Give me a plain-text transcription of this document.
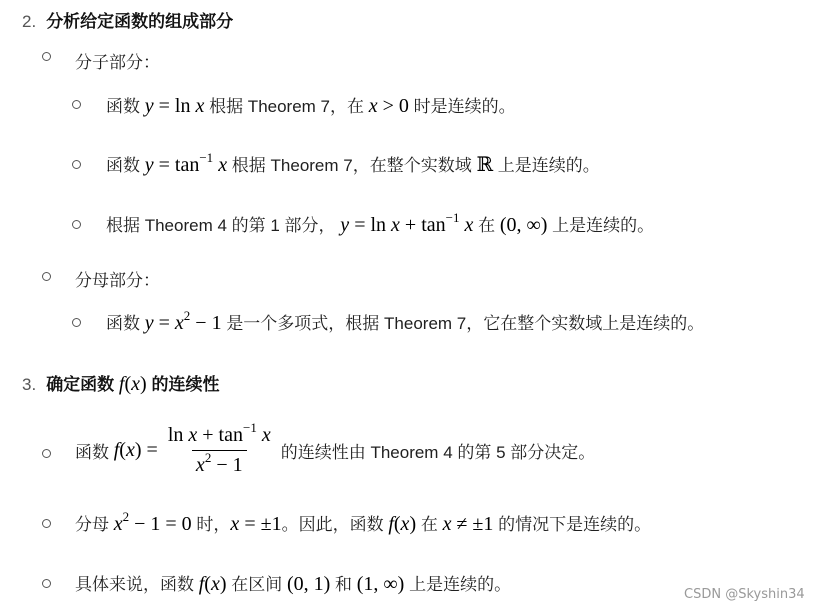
2. 分析给定函数的组成部分
分子部分：
函数 y = ln x 根据 Theorem 7，在 x > 0 时是连续的。
函数 $y = \tan^{-1} x$ 根据 Theorem 7，在整个实数域 ℝ 上是连续的。
根据 Theorem 4 的第 1 部分， $y = \ln x + \tan^{-1} x$ 在 (0, ∞) 上是连续的。
分母部分：
函数 $y = x^2 - 1$ 是一个多项式，根据 Theorem 7，它在整个实数域上是连续的。
3. 确定函数 f(x) 的连续性
函数
$f(x) = \frac{\ln x + \tan^{-1} x}{x^2 - 1}$ 的连续性由 Theorem 4 的第 5 部分决定。
分母 $x^2 - 1 = 0$ 时，x = ±1。因此，函数 f(x) 在 x ≠ ±1 的情况下是连续的。
具体来说，函数 f(x) 在区间 (0, 1) 和 (1, ∞) 上是连续的。
CSDN @Skyshin34
